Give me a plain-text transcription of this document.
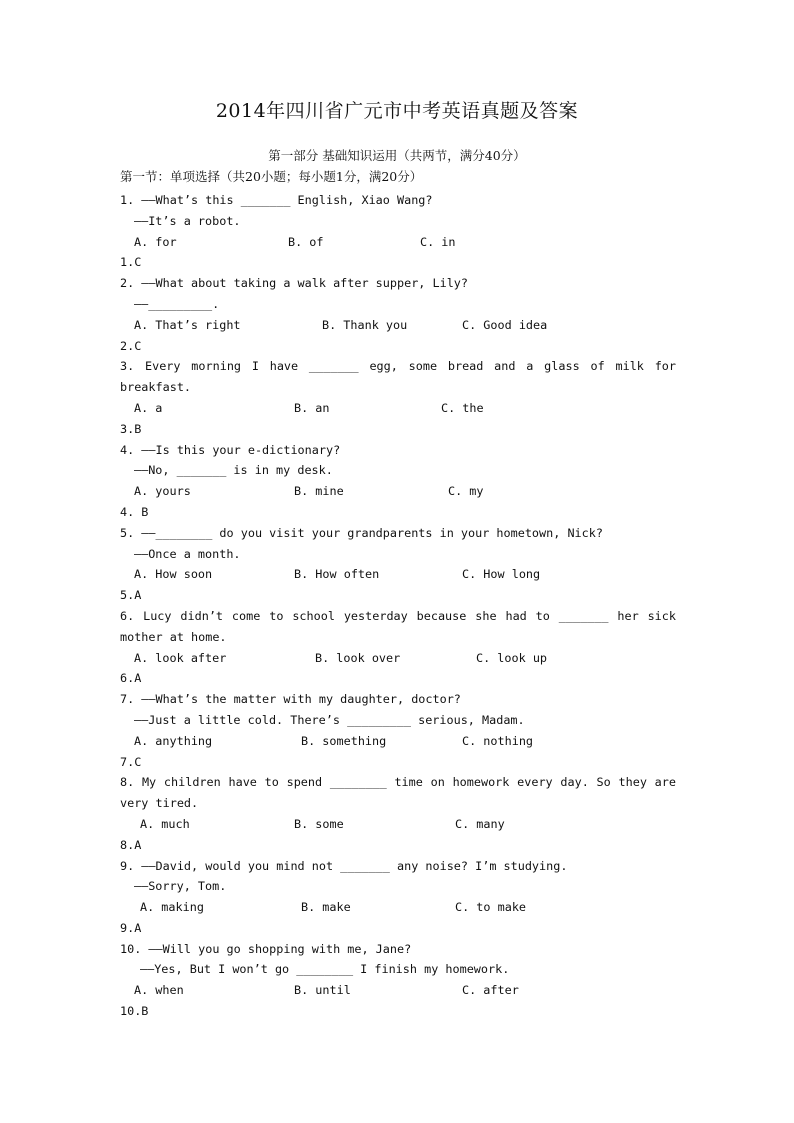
2014年四川省广元市中考英语真题及答案
第一部分 基础知识运用（共两节，满分40分）
第一节：单项选择（共20小题；每小题1分，满20分）
1. ——What’s this _______ English, Xiao Wang?
——It’s a robot.
A. for	B. of	C. in
1.C
2. ——What about taking a walk after supper, Lily?
——_________.
A. That’s right	B. Thank you	C. Good idea
2.C
3. Every morning I have _______ egg, some bread and a glass of milk for
breakfast.
A. a	B. an	C. the
3.B
4. ——Is this your e-dictionary?
——No, _______ is in my desk.
A. yours	B. mine	C. my
4. B
5. ——________ do you visit your grandparents in your hometown, Nick?
——Once a month.
A. How soon	B. How often	C. How long
5.A
6. Lucy didn’t come to school yesterday because she had to _______ her sick
mother at home.
A. look after	B. look over	C. look up
6.A
7. ——What’s the matter with my daughter, doctor?
——Just a little cold. There’s _________ serious, Madam.
A. anything	B. something	C. nothing
7.C
8. My children have to spend ________ time on homework every day. So they are
very tired.
A. much	B. some	C. many
8.A
9. ——David, would you mind not _______ any noise? I’m studying.
——Sorry, Tom.
A. making	B. make	C. to make
9.A
10. ——Will you go shopping with me, Jane?
——Yes, But I won’t go ________ I finish my homework.
A. when	B. until	C. after
10.B
